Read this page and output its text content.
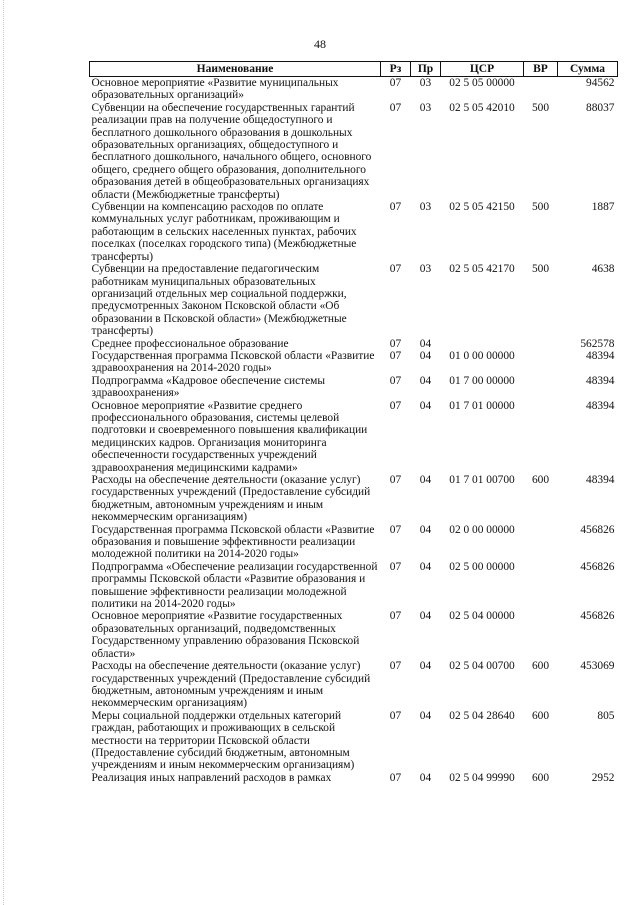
48
Наименование	Рз	Пр	ЦСР	ВР	Сумма
Основное мероприятие «Развитие муниципальных образовательных организаций»	07	03	02 5 05 00000		94562
Субвенции на обеспечение государственных гарантий реализации прав на получение общедоступного и бесплатного дошкольного образования в дошкольных образовательных организациях, общедоступного и бесплатного дошкольного, начального общего, основного общего, среднего общего образования, дополнительного образования детей в общеобразовательных организациях области (Межбюджетные трансферты)	07	03	02 5 05 42010	500	88037
Субвенции на компенсацию расходов по оплате коммунальных услуг работникам, проживающим и работающим в сельских населенных пунктах, рабочих поселках (поселках городского типа) (Межбюджетные трансферты)	07	03	02 5 05 42150	500	1887
Субвенции на предоставление педагогическим работникам муниципальных образовательных организаций отдельных мер социальной поддержки, предусмотренных Законом Псковской области «Об образовании в Псковской области» (Межбюджетные трансферты)	07	03	02 5 05 42170	500	4638
Среднее профессиональное образование	07	04			562578
Государственная программа Псковской области «Развитие здравоохранения на 2014-2020 годы»	07	04	01 0 00 00000		48394
Подпрограмма «Кадровое обеспечение системы здравоохранения»	07	04	01 7 00 00000		48394
Основное мероприятие «Развитие среднего профессионального образования, системы целевой подготовки и своевременного повышения квалификации медицинских кадров. Организация мониторинга обеспеченности государственных учреждений здравоохранения медицинскими кадрами»	07	04	01 7 01 00000		48394
Расходы на обеспечение деятельности (оказание услуг) государственных учреждений (Предоставление субсидий бюджетным, автономным учреждениям и иным некоммерческим организациям)	07	04	01 7 01 00700	600	48394
Государственная программа Псковской области «Развитие образования и повышение эффективности реализации молодежной политики на 2014-2020 годы»	07	04	02 0 00 00000		456826
Подпрограмма «Обеспечение реализации государственной программы Псковской области «Развитие образования и повышение эффективности реализации молодежной политики на 2014-2020 годы»	07	04	02 5 00 00000		456826
Основное мероприятие «Развитие государственных образовательных организаций, подведомственных Государственному управлению образования Псковской области»	07	04	02 5 04 00000		456826
Расходы на обеспечение деятельности (оказание услуг) государственных учреждений (Предоставление субсидий бюджетным, автономным учреждениям и иным некоммерческим организациям)	07	04	02 5 04 00700	600	453069
Меры социальной поддержки отдельных категорий граждан, работающих и проживающих в сельской местности на территории Псковской области (Предоставление субсидий бюджетным, автономным учреждениям и иным некоммерческим организациям)	07	04	02 5 04 28640	600	805
Реализация иных направлений расходов в рамках	07	04	02 5 04 99990	600	2952
